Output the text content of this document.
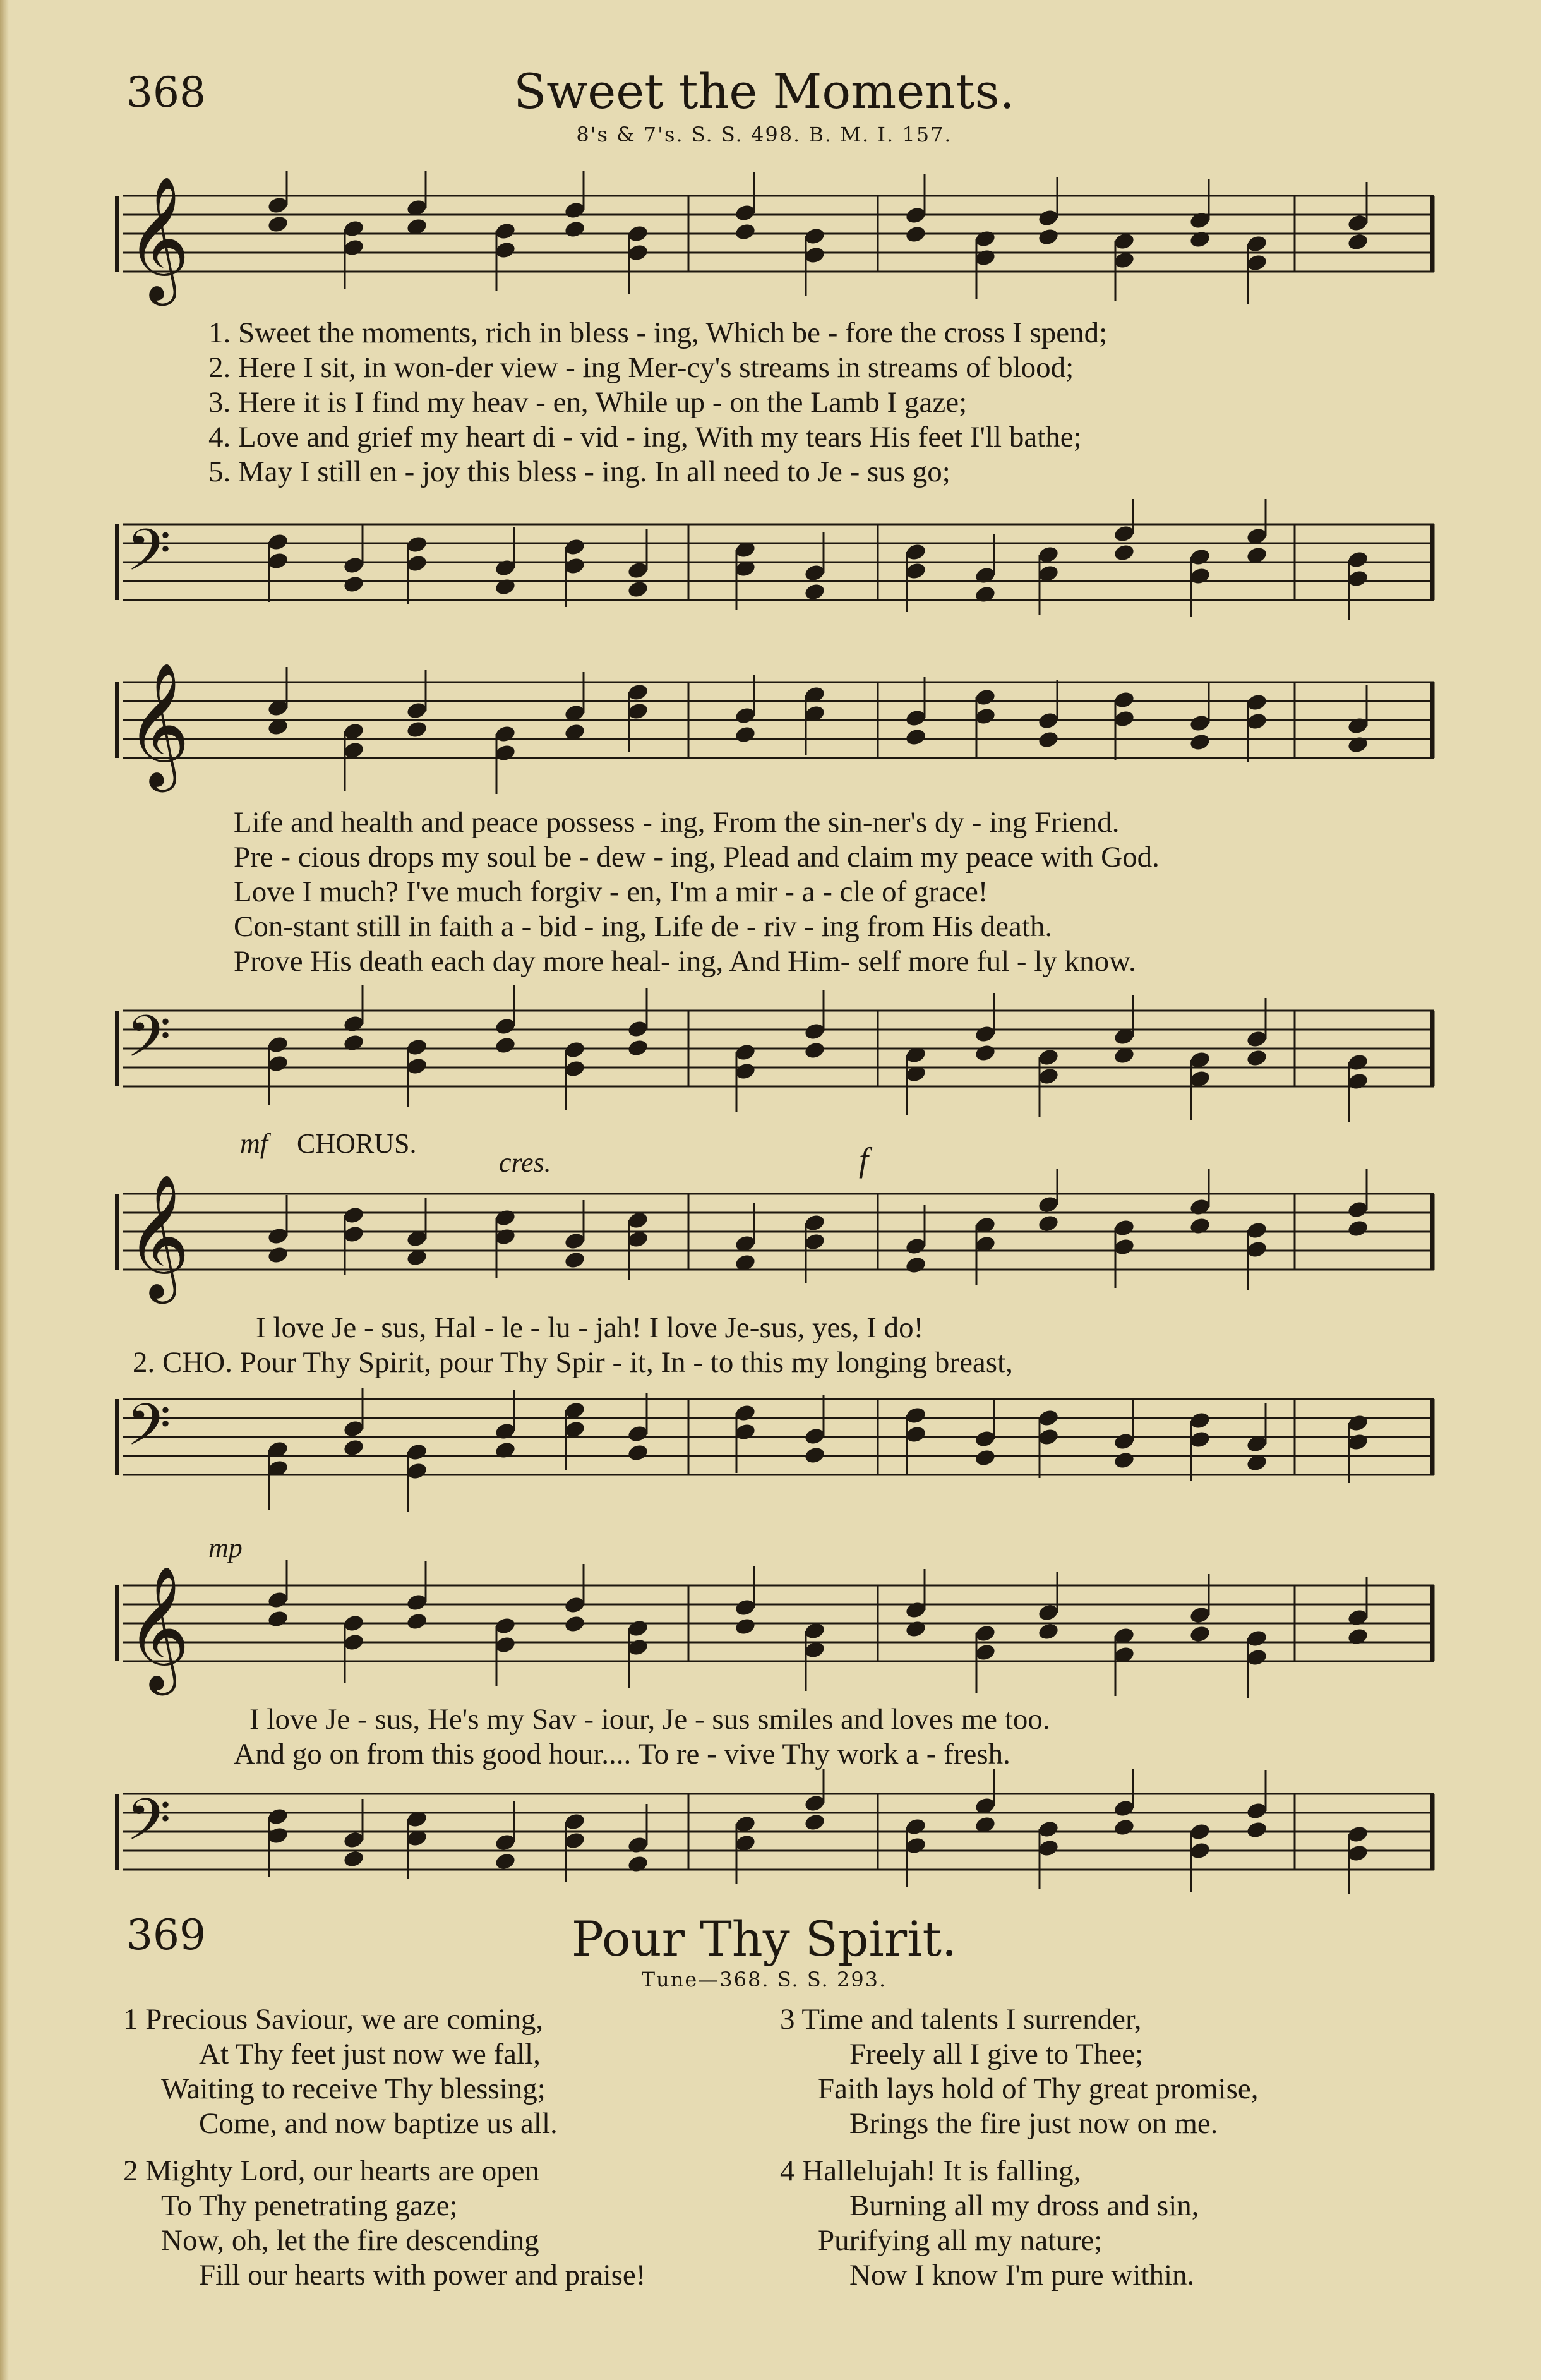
368	Sweet the Moments.
8's & 7's. S. S. 498. B. M. I. 157.
𝄞
1. Sweet the moments, rich in bless - ing, Which be - fore the cross I spend;
2. Here I sit, in won-der view - ing Mer-cy's streams in streams of blood;
3. Here it is I find my heav - en, While up - on the Lamb I gaze;
4. Love and grief my heart di - vid - ing, With my tears His feet I'll bathe;
5. May I still en - joy this bless - ing. In all need to Je - sus go;
𝄢
𝄞
Life and health and peace possess - ing, From the sin-ner's dy - ing Friend.
Pre - cious drops my soul be - dew - ing, Plead and claim my peace with God.
Love I much? I've much forgiv - en, I'm a mir - a - cle of grace!
Con-stant still in faith a - bid - ing, Life de - riv - ing from His death.
Prove His death each day more heal- ing, And Him- self more ful - ly know.
𝄢
mf CHORUS.
cres.	f
𝄞
I love Je - sus, Hal - le - lu - jah! I love Je-sus, yes, I do!
2. CHO. Pour Thy Spirit, pour Thy Spir - it, In - to this my longing breast,
𝄢
mp
𝄞
I love Je - sus, He's my Sav - iour, Je - sus smiles and loves me too.
And go on from this good hour.... To re - vive Thy work a - fresh.
𝄢
369	Pour Thy Spirit.
Tune—368. S. S. 293.
1 Precious Saviour, we are coming,
At Thy feet just now we fall,
Waiting to receive Thy blessing;
Come, and now baptize us all.
2 Mighty Lord, our hearts are open
To Thy penetrating gaze;
Now, oh, let the fire descending
Fill our hearts with power and praise!
3 Time and talents I surrender,
Freely all I give to Thee;
Faith lays hold of Thy great promise,
Brings the fire just now on me.
4 Hallelujah! It is falling,
Burning all my dross and sin,
Purifying all my nature;
Now I know I'm pure within.
